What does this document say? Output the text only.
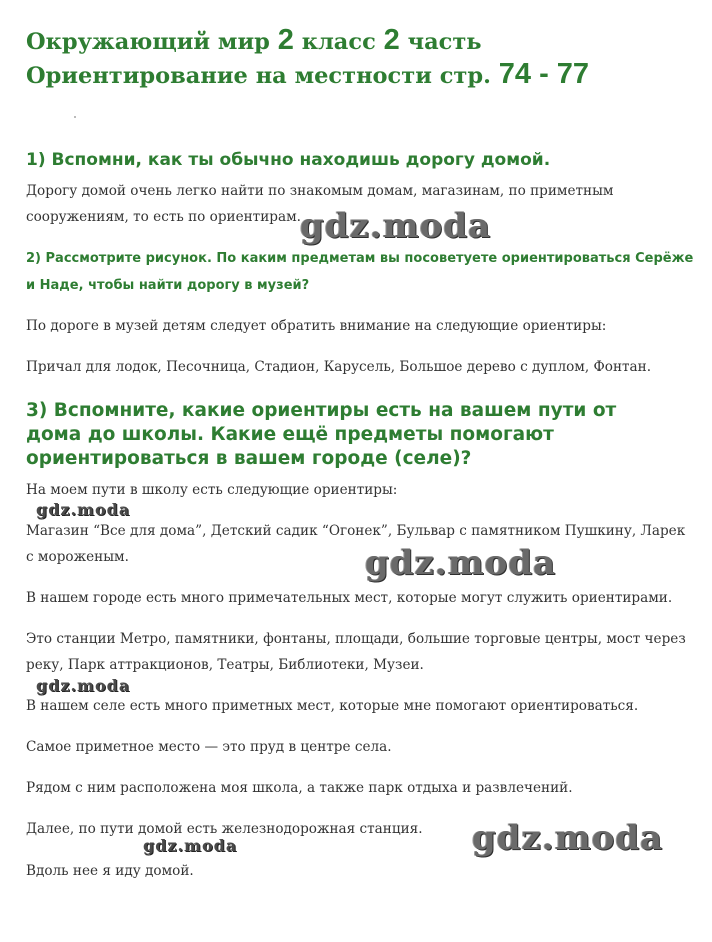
Окружающий мир 2 класс 2 часть Ориентирование на местности стр. 74 - 77
1) Вспомни, как ты обычно находишь дорогу домой.

Дорогу домой очень легко найти по знакомым домам, магазинам, по приметным сооружениям, то есть по ориентирам.

2) Рассмотрите рисунок. По каким предметам вы посоветуете ориентироваться Серёже и Наде, чтобы найти дорогу в музей?

По дороге в музей детям следует обратить внимание на следующие ориентиры:

Причал для лодок, Песочница, Стадион, Карусель, Большое дерево с дуплом, Фонтан.

3) Вспомните, какие ориентиры есть на вашем пути от дома до школы. Какие ещё предметы помогают ориентироваться в вашем городе (селе)?

На моем пути в школу есть следующие ориентиры:

Магазин “Все для дома”, Детский садик “Огонек”, Бульвар с памятником Пушкину, Ларек с мороженым.

В нашем городе есть много примечательных мест, которые могут служить ориентирами.

Это станции Метро, памятники, фонтаны, площади, большие торговые центры, мост через реку, Парк аттракционов, Театры, Библиотеки, Музеи.

В нашем селе есть много приметных мест, которые мне помогают ориентироваться.

Самое приметное место — это пруд в центре села.

Рядом с ним расположена моя школа, а также парк отдыха и развлечений.

Далее, по пути домой есть железнодорожная станция.

Вдоль нее я иду домой.

gdz.moda
gdz.moda
gdz.moda
gdz.moda
gdz.moda
gdz.moda
